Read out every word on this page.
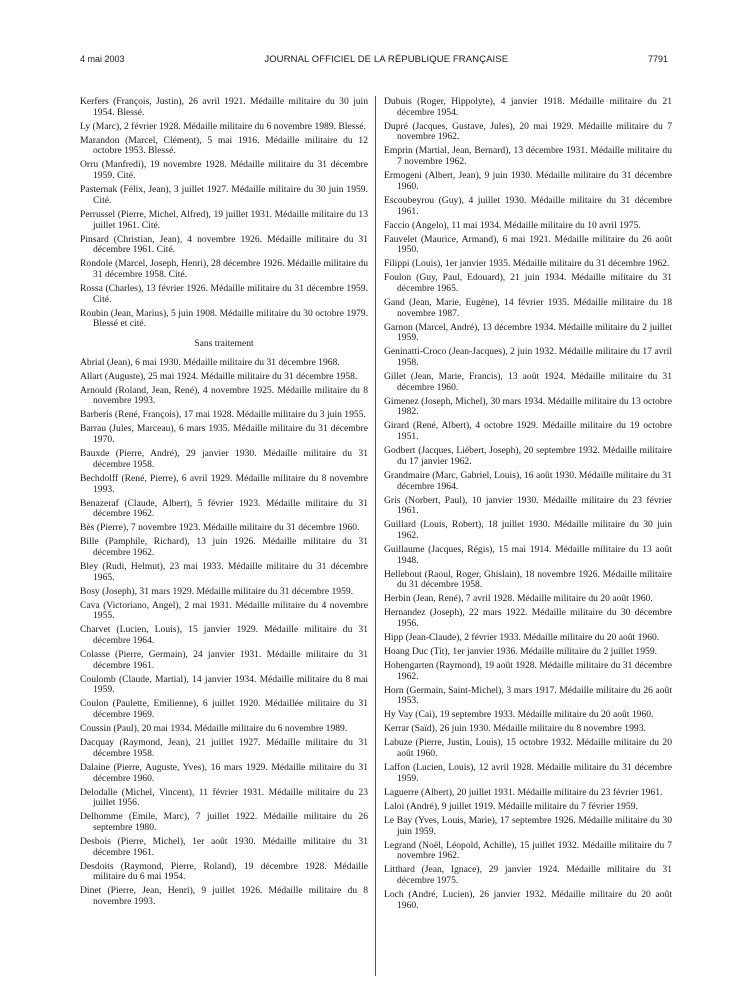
4 mai 2003	JOURNAL OFFICIEL DE LA RÉPUBLIQUE FRANÇAISE	7791

Kerfers (François, Justin), 26 avril 1921. Médaille militaire du 30 juin 1954. Blessé.

Ly (Marc), 2 février 1928. Médaille militaire du 6 novembre 1989. Blessé.

Marandon (Marcel, Clément), 5 mai 1916. Médaille militaire du 12 octobre 1953. Blessé.

Orru (Manfredi), 19 novembre 1928. Médaille militaire du 31 décembre 1959. Cité.

Pasternak (Félix, Jean), 3 juillet 1927. Médaille militaire du 30 juin 1959. Cité.

Perrussel (Pierre, Michel, Alfred), 19 juillet 1931. Médaille militaire du 13 juillet 1961. Cité.

Pinsard (Christian, Jean), 4 novembre 1926. Médaille militaire du 31 décembre 1961. Cité.

Rondole (Marcel, Joseph, Henri), 28 décembre 1926. Médaille militaire du 31 décembre 1958. Cité.

Rossa (Charles), 13 février 1926. Médaille militaire du 31 décembre 1959. Cité.

Roubin (Jean, Marius), 5 juin 1908. Médaille militaire du 30 octobre 1979. Blessé et cité.

Sans traitement

Abrial (Jean), 6 mai 1930. Médaille militaire du 31 décembre 1968.

Allart (Auguste), 25 mai 1924. Médaille militaire du 31 décembre 1958.

Arnould (Roland, Jean, René), 4 novembre 1925. Médaille militaire du 8 novembre 1993.

Barberis (René, François), 17 mai 1928. Médaille militaire du 3 juin 1955.

Barrau (Jules, Marceau), 6 mars 1935. Médaille militaire du 31 décembre 1970.

Bauxde (Pierre, André), 29 janvier 1930. Médaille militaire du 31 décembre 1958.

Bechdolff (René, Pierre), 6 avril 1929. Médaille militaire du 8 novembre 1993.

Benazeraf (Claude, Albert), 5 février 1923. Médaille militaire du 31 décembre 1962.

Bès (Pierre), 7 novembre 1923. Médaille militaire du 31 décembre 1960.

Bille (Pamphile, Richard), 13 juin 1926. Médaille militaire du 31 décembre 1962.

Bley (Rudi, Helmut), 23 mai 1933. Médaille militaire du 31 décembre 1965.

Bosy (Joseph), 31 mars 1929. Médaille militaire du 31 décembre 1959.

Cava (Victoriano, Angel), 2 mai 1931. Médaille militaire du 4 novembre 1955.

Charvet (Lucien, Louis), 15 janvier 1929. Médaille militaire du 31 décembre 1964.

Colasse (Pierre, Germain), 24 janvier 1931. Médaille militaire du 31 décembre 1961.

Coulomb (Claude, Martial), 14 janvier 1934. Médaille militaire du 8 mai 1959.

Coulon (Paulette, Emilienne), 6 juillet 1920. Médaillée militaire du 31 décembre 1969.

Coussin (Paul), 20 mai 1934. Médaille militaire du 6 novembre 1989.

Dacquay (Raymond, Jean), 21 juillet 1927. Médaille militaire du 31 décembre 1958.

Dalaine (Pierre, Auguste, Yves), 16 mars 1929. Médaille militaire du 31 décembre 1960.

Delodalle (Michel, Vincent), 11 février 1931. Médaille militaire du 23 juillet 1956.

Delhomme (Emile, Marc), 7 juillet 1922. Médaille militaire du 26 septembre 1980.

Desbois (Pierre, Michel), 1er août 1930. Médaille militaire du 31 décembre 1961.

Desdoits (Raymond, Pierre, Roland), 19 décembre 1928. Médaille militaire du 6 mai 1954.

Dinet (Pierre, Jean, Henri), 9 juillet 1926. Médaille militaire du 8 novembre 1993.

Dubuis (Roger, Hippolyte), 4 janvier 1918. Médaille militaire du 21 décembre 1954.

Dupré (Jacques, Gustave, Jules), 20 mai 1929. Médaille militaire du 7 novembre 1962.

Emprin (Martial, Jean, Bernard), 13 décembre 1931. Médaille militaire du 7 novembre 1962.

Ermogeni (Albert, Jean), 9 juin 1930. Médaille militaire du 31 décembre 1960.

Escoubeyrou (Guy), 4 juillet 1930. Médaille militaire du 31 décembre 1961.

Faccio (Angelo), 11 mai 1934. Médaille militaire du 10 avril 1975.

Fauvelet (Maurice, Armand), 6 mai 1921. Médaille militaire du 26 août 1950.

Filippi (Louis), 1er janvier 1935. Médaille militaire du 31 décembre 1962.

Foulon (Guy, Paul, Edouard), 21 juin 1934. Médaille militaire du 31 décembre 1965.

Gand (Jean, Marie, Eugène), 14 février 1935. Médaille militaire du 18 novembre 1987.

Garnon (Marcel, André), 13 décembre 1934. Médaille militaire du 2 juillet 1959.

Geninatti-Croco (Jean-Jacques), 2 juin 1932. Médaille militaire du 17 avril 1958.

Gillet (Jean, Marie, Francis), 13 août 1924. Médaille militaire du 31 décembre 1960.

Gimenez (Joseph, Michel), 30 mars 1934. Médaille militaire du 13 octobre 1982.

Girard (René, Albert), 4 octobre 1929. Médaille militaire du 19 octobre 1951.

Godbert (Jacques, Liébert, Joseph), 20 septembre 1932. Médaille militaire du 17 janvier 1962.

Grandmaire (Marc, Gabriel, Louis), 16 août 1930. Médaille militaire du 31 décembre 1964.

Gris (Norbert, Paul), 10 janvier 1930. Médaille militaire du 23 février 1961.

Guillard (Louis, Robert), 18 juillet 1930. Médaille militaire du 30 juin 1962.

Guillaume (Jacques, Régis), 15 mai 1914. Médaille militaire du 13 août 1948.

Hellebout (Raoul, Roger, Ghislain), 18 novembre 1926. Médaille militaire du 31 décembre 1958.

Herbin (Jean, René), 7 avril 1928. Médaille militaire du 20 août 1960.

Hernandez (Joseph), 22 mars 1922. Médaille militaire du 30 décembre 1956.

Hipp (Jean-Claude), 2 février 1933. Médaille militaire du 20 août 1960.

Hoang Duc (Tit), 1er janvier 1936. Médaille militaire du 2 juillet 1959.

Hohengarten (Raymond), 19 août 1928. Médaille militaire du 31 décembre 1962.

Horn (Germain, Saint-Michel), 3 mars 1917. Médaille militaire du 26 août 1953.

Hy Vay (Cai), 19 septembre 1933. Médaille militaire du 20 août 1960.

Kerrar (Saïd), 26 juin 1930. Médaille militaire du 8 novembre 1993.

Labuze (Pierre, Justin, Louis), 15 octobre 1932. Médaille militaire du 20 août 1960.

Laffon (Lucien, Louis), 12 avril 1928. Médaille militaire du 31 décembre 1959.

Laguerre (Albert), 20 juillet 1931. Médaille militaire du 23 février 1961.

Laloi (André), 9 juillet 1919. Médaille militaire du 7 février 1959.

Le Bay (Yves, Louis, Marie), 17 septembre 1926. Médaille militaire du 30 juin 1959.

Legrand (Noël, Léopold, Achille), 15 juillet 1932. Médaille militaire du 7 novembre 1962.

Litthard (Jean, Ignace), 29 janvier 1924. Médaille militaire du 31 décembre 1975.

Loch (André, Lucien), 26 janvier 1932. Médaille militaire du 20 août 1960.
